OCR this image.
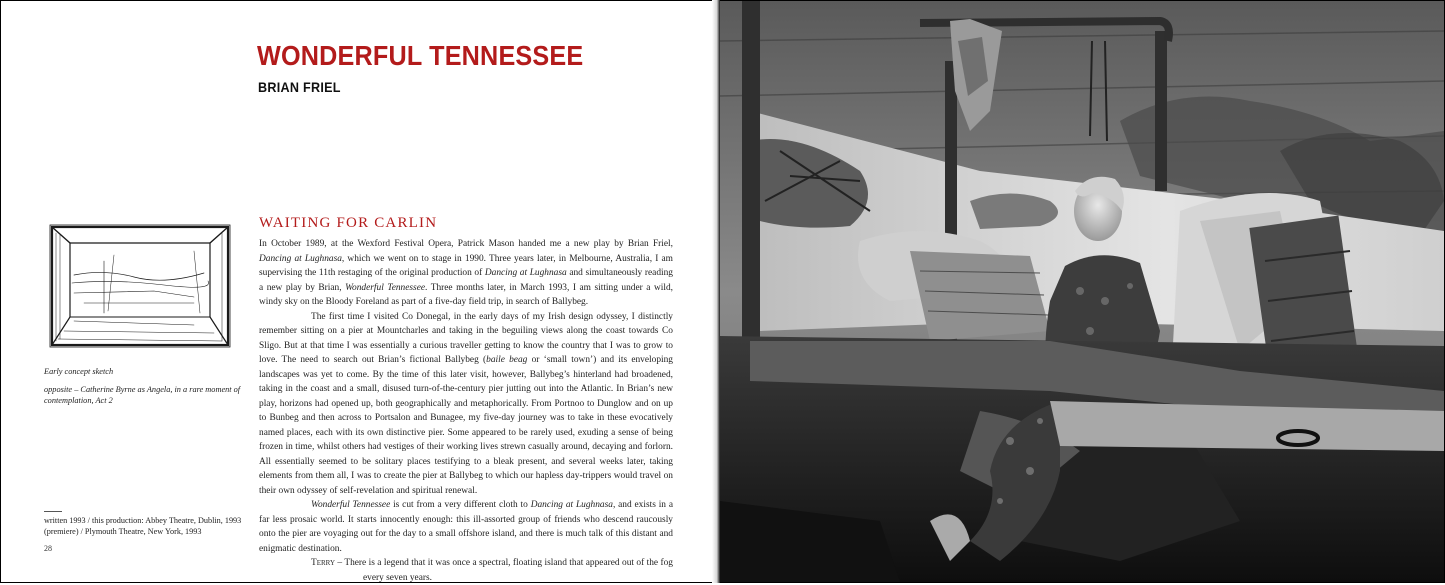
WONDERFUL TENNESSEE
BRIAN FRIEL

Early concept sketch

opposite – Catherine Byrne as Angela, in a rare moment of contemplation, Act 2

written 1993 / this production: Abbey Theatre, Dublin, 1993 (premiere) / Plymouth Theatre, New York, 1993

28

WAITING FOR CARLIN

In October 1989, at the Wexford Festival Opera, Patrick Mason handed me a new play by Brian Friel, Dancing at Lughnasa, which we went on to stage in 1990. Three years later, in Melbourne, Australia, I am supervising the 11th restaging of the original production of Dancing at Lughnasa and simultaneously reading a new play by Brian, Wonderful Tennessee. Three months later, in March 1993, I am sitting under a wild, windy sky on the Bloody Foreland as part of a five-day field trip, in search of Ballybeg.

The first time I visited Co Donegal, in the early days of my Irish design odyssey, I distinctly remember sitting on a pier at Mountcharles and taking in the beguiling views along the coast towards Co Sligo. But at that time I was essentially a curious traveller getting to know the country that I was to grow to love. The need to search out Brian’s fictional Ballybeg (baile beag or ‘small town’) and its enveloping landscapes was yet to come. By the time of this later visit, however, Ballybeg’s hinterland had broadened, taking in the coast and a small, disused turn-of-the-century pier jutting out into the Atlantic. In Brian’s new play, horizons had opened up, both geographically and metaphorically. From Portnoo to Dunglow and on up to Bunbeg and then across to Portsalon and Bunagee, my five-day journey was to take in these evocatively named places, each with its own distinctive pier. Some appeared to be rarely used, exuding a sense of being frozen in time, whilst others had vestiges of their working lives strewn casually around, decaying and forlorn. All essentially seemed to be solitary places testifying to a bleak present, and several weeks later, taking elements from them all, I was to create the pier at Ballybeg to which our hapless day-trippers would travel on their own odyssey of self-revelation and spiritual renewal.

Wonderful Tennessee is cut from a very different cloth to Dancing at Lughnasa, and exists in a far less prosaic world. It starts innocently enough: this ill-assorted group of friends who descend raucously onto the pier are voyaging out for the day to a small offshore island, and there is much talk of this distant and enigmatic destination.

Terry – There is a legend that it was once a spectral, floating island that appeared out of the fog every seven years.
